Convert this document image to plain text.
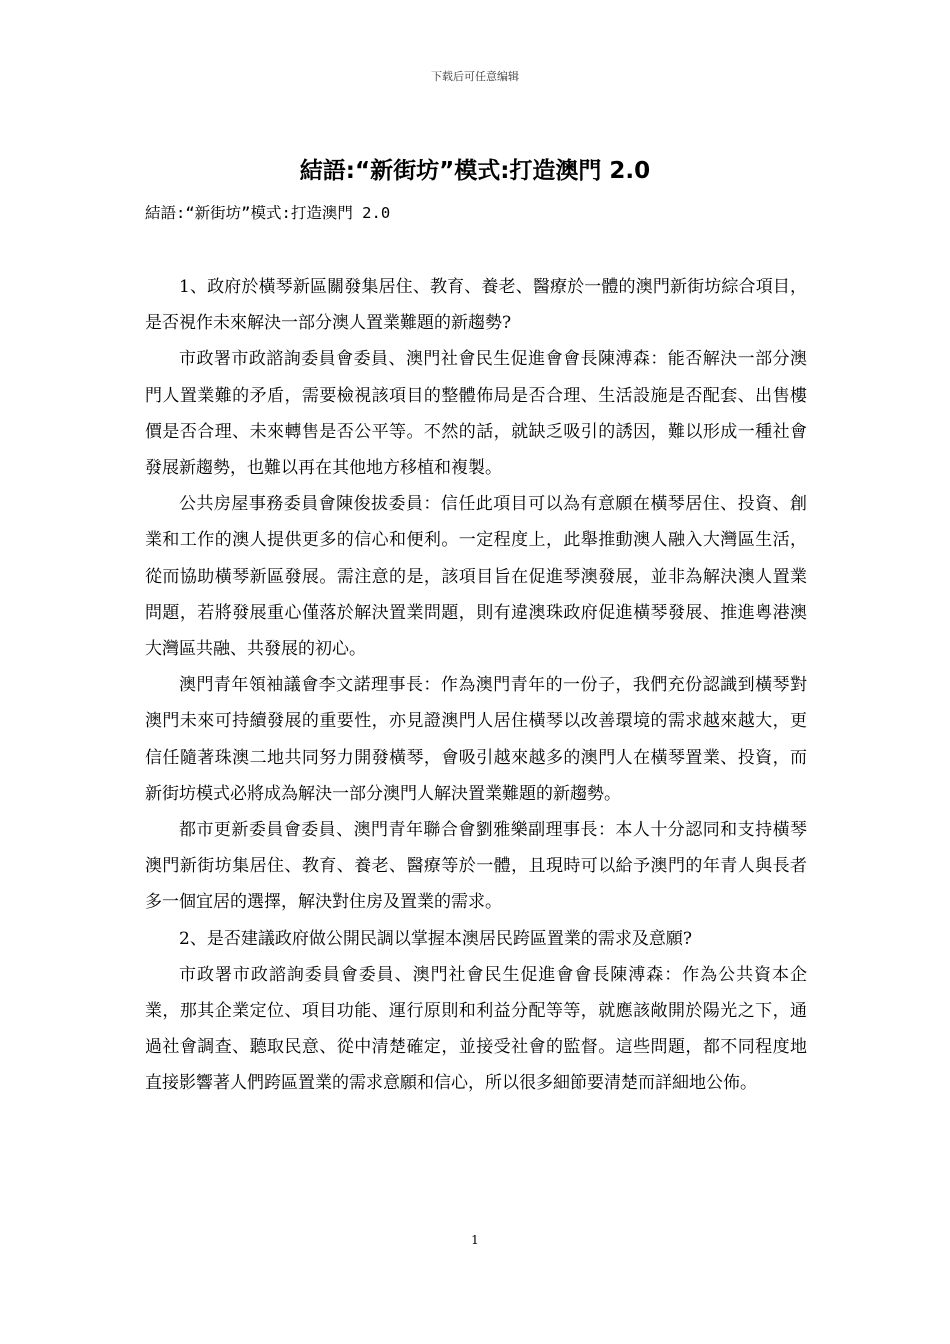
下载后可任意编辑
結語:“新街坊”模式:打造澳門 2.0

結語:“新街坊”模式:打造澳門 2.0

1、政府於橫琴新區關發集居住、教育、養老、醫療於一體的澳門新街坊綜合項目，是否視作未來解決一部分澳人置業難題的新趨勢?

市政署市政諮詢委員會委員、澳門社會民生促進會會長陳溥森：能否解決一部分澳門人置業難的矛盾，需要檢視該項目的整體佈局是否合理、生活設施是否配套、出售樓價是否合理、未來轉售是否公平等。不然的話，就缺乏吸引的誘因，難以形成一種社會發展新趨勢，也難以再在其他地方移植和複製。

公共房屋事務委員會陳俊拔委員：信任此項目可以為有意願在橫琴居住、投資、創業和工作的澳人提供更多的信心和便利。一定程度上，此舉推動澳人融入大灣區生活，從而協助橫琴新區發展。需注意的是，該項目旨在促進琴澳發展，並非為解決澳人置業問題，若將發展重心僅落於解決置業問題，則有違澳珠政府促進橫琴發展、推進粵港澳大灣區共融、共發展的初心。

澳門青年領袖議會李文諾理事長：作為澳門青年的一份子，我們充份認識到橫琴對澳門未來可持續發展的重要性，亦見證澳門人居住橫琴以改善環境的需求越來越大，更信任隨著珠澳二地共同努力開發橫琴，會吸引越來越多的澳門人在橫琴置業、投資，而新街坊模式必將成為解決一部分澳門人解決置業難題的新趨勢。

都市更新委員會委員、澳門青年聯合會劉雅樂副理事長：本人十分認同和支持橫琴澳門新街坊集居住、教育、養老、醫療等於一體，且現時可以給予澳門的年青人與長者多一個宜居的選擇，解決對住房及置業的需求。

2、是否建議政府做公開民調以掌握本澳居民跨區置業的需求及意願?

市政署市政諮詢委員會委員、澳門社會民生促進會會長陳溥森：作為公共資本企業，那其企業定位、項目功能、運行原則和利益分配等等，就應該敞開於陽光之下，通過社會調查、聽取民意、從中清楚確定，並接受社會的監督。這些問題，都不同程度地直接影響著人們跨區置業的需求意願和信心，所以很多細節要清楚而詳細地公佈。

1
